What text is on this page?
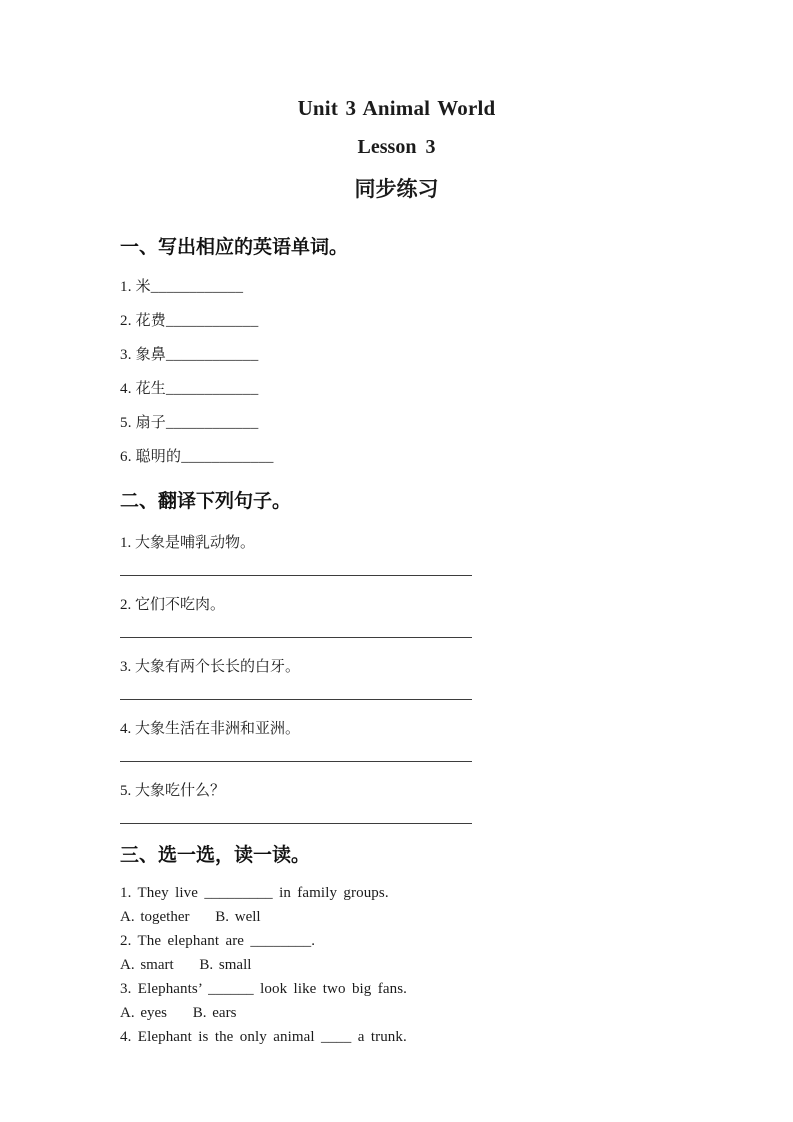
Unit 3 Animal World
Lesson 3
同步练习
一、写出相应的英语单词。
1. 米____________
2. 花费____________
3. 象鼻____________
4. 花生____________
5. 扇子____________
6. 聪明的____________
二、翻译下列句子。
1. 大象是哺乳动物。
2. 它们不吃肉。
3. 大象有两个长长的白牙。
4. 大象生活在非洲和亚洲。
5. 大象吃什么？
三、选一选，读一读。
1. They live _________ in family groups.
A. together B. well
2. The elephant are ________.
A. smart B. small
3. Elephants’ ______ look like two big fans.
A. eyes B. ears
4. Elephant is the only animal ____ a trunk.
